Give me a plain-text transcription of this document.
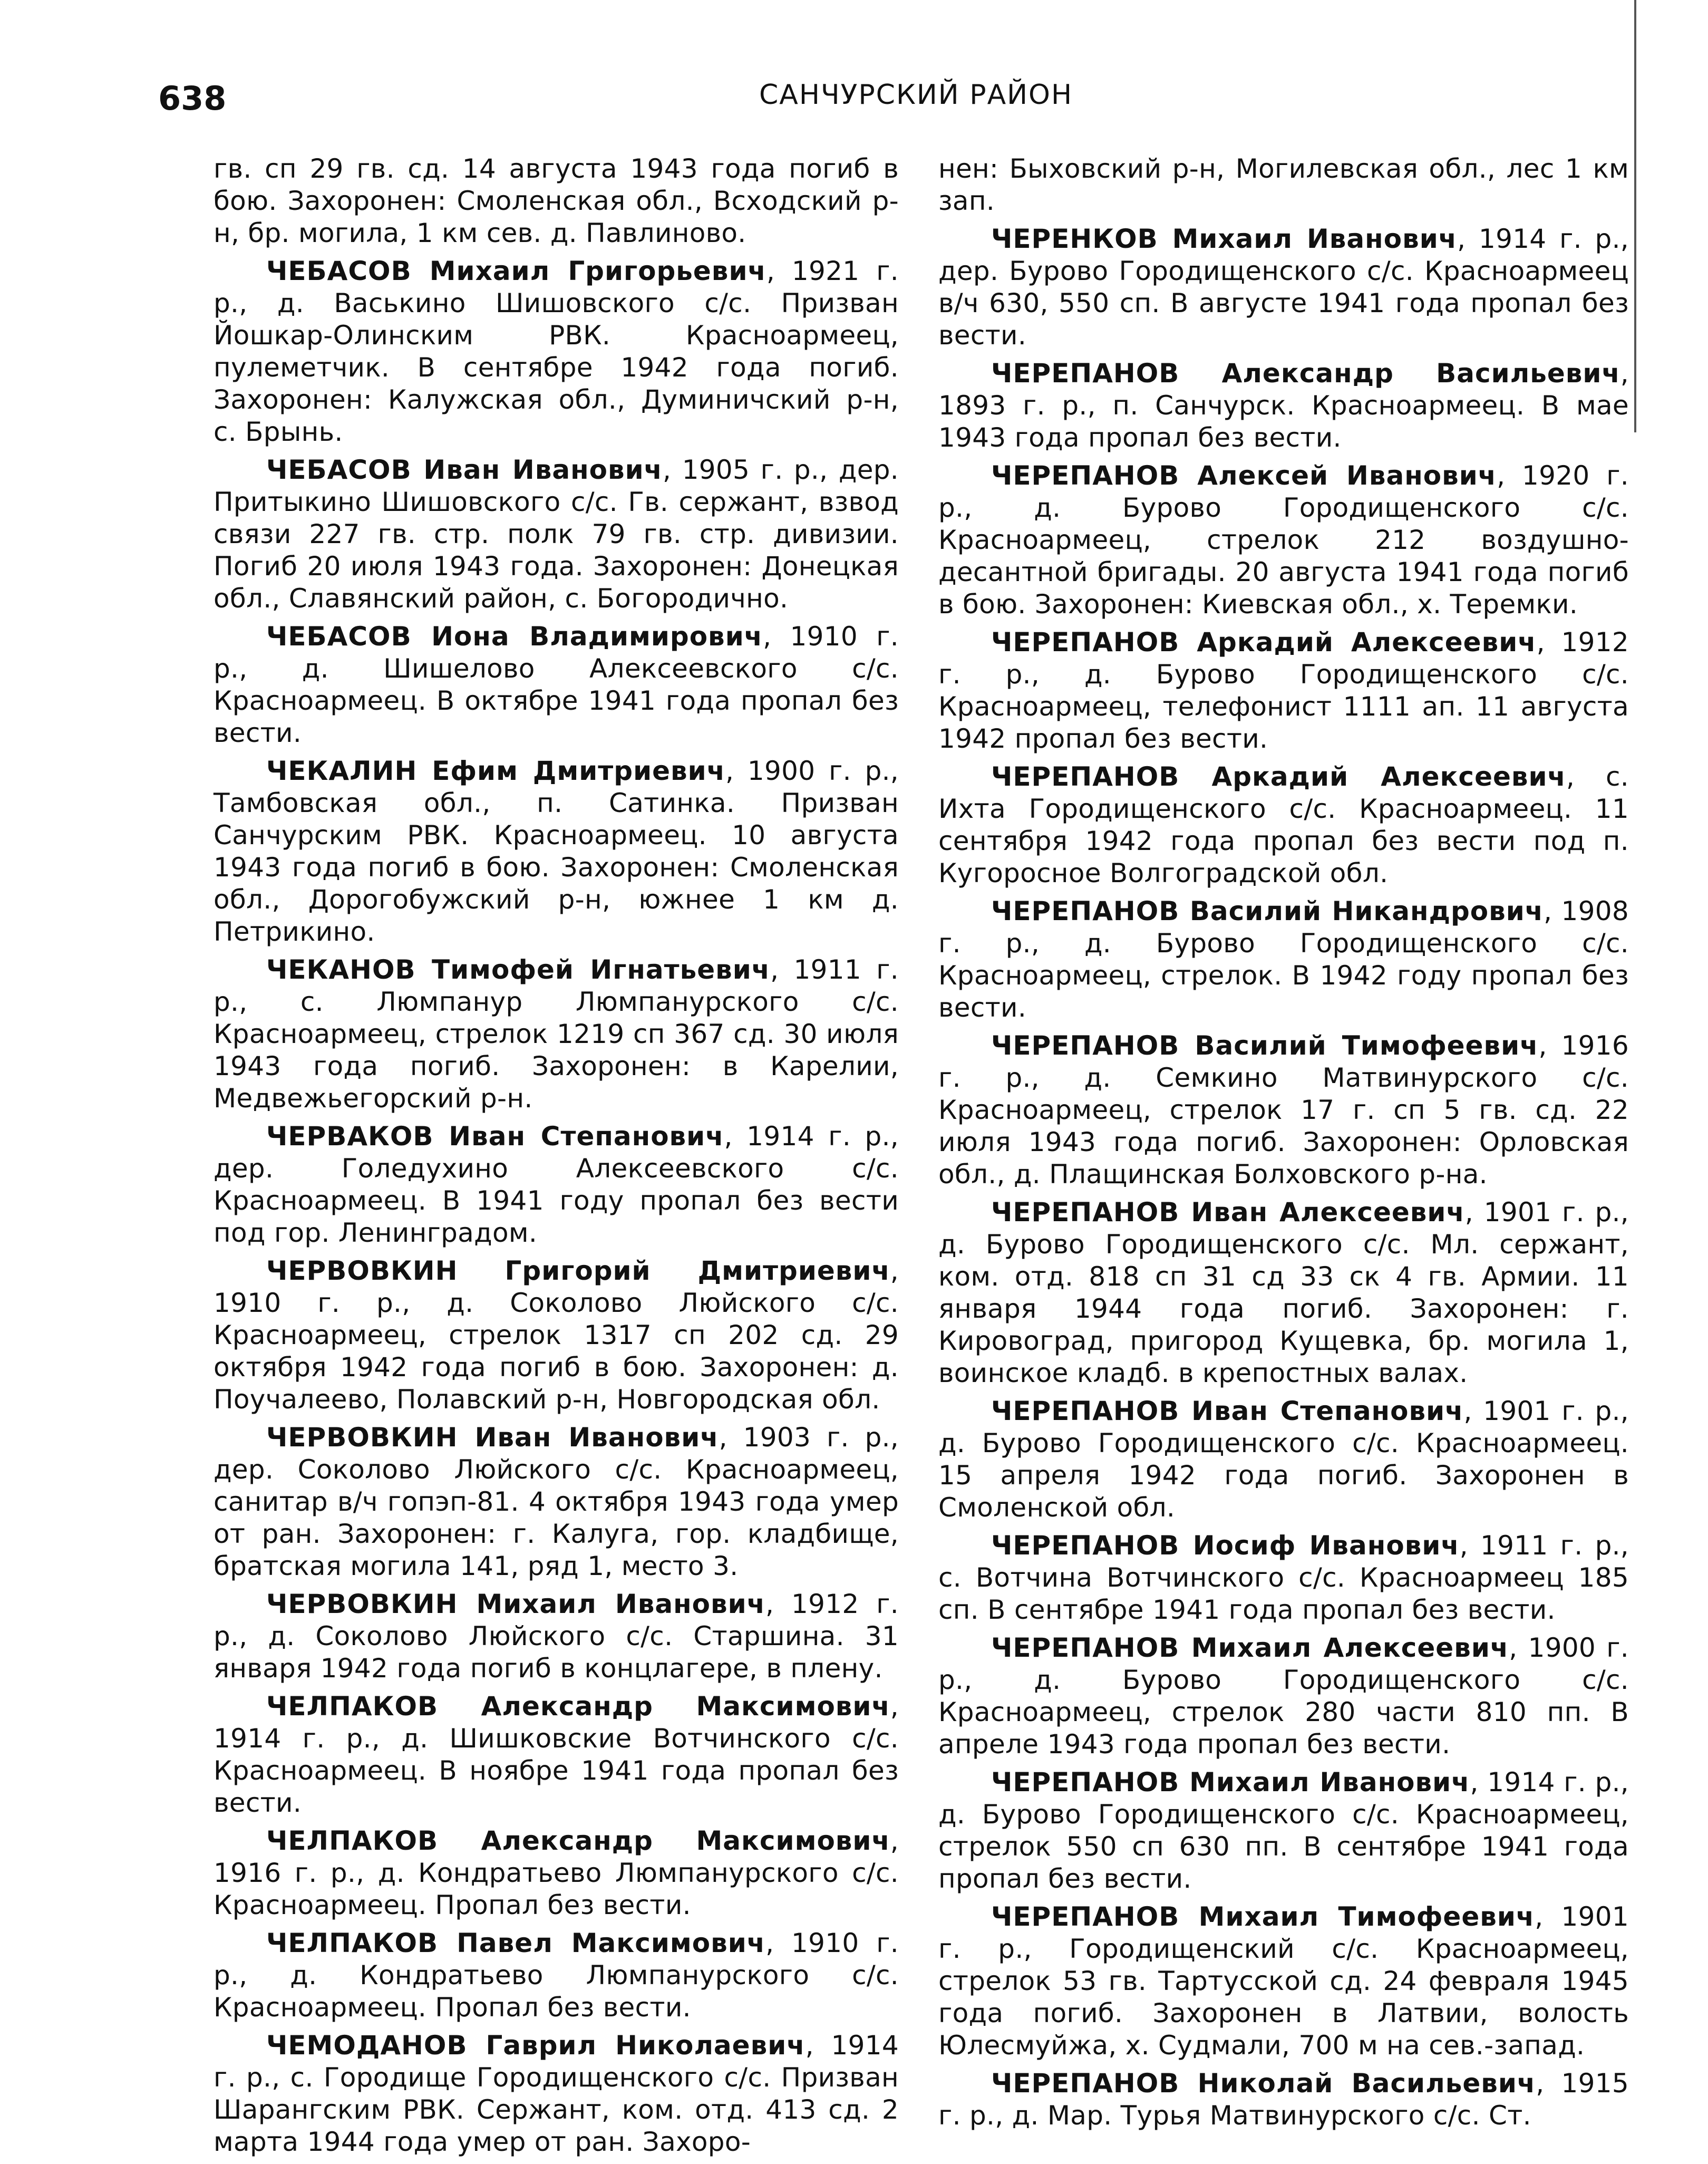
638	САНЧУРСКИЙ РАЙОН

гв. сп 29 гв. сд. 14 августа 1943 года погиб в бою. Захоронен: Смоленская обл., Всходский р-н, бр. могила, 1 км сев. д. Павлиново.

ЧЕБАСОВ Михаил Григорьевич, 1921 г. р., д. Васькино Шишовского с/с. Призван Йошкар-Олинским РВК. Красноармеец, пулеметчик. В сентябре 1942 года погиб. Захоронен: Калужская обл., Думиничский р-н, с. Брынь.

ЧЕБАСОВ Иван Иванович, 1905 г. р., дер. Притыкино Шишовского с/с. Гв. сержант, взвод связи 227 гв. стр. полк 79 гв. стр. дивизии. Погиб 20 июля 1943 года. Захоронен: Донецкая обл., Славянский район, с. Богородично.

ЧЕБАСОВ Иона Владимирович, 1910 г. р., д. Шишелово Алексеевского с/с. Красноармеец. В октябре 1941 года пропал без вести.

ЧЕКАЛИН Ефим Дмитриевич, 1900 г. р., Тамбовская обл., п. Сатинка. Призван Санчурским РВК. Красноармеец. 10 августа 1943 года погиб в бою. Захоронен: Смоленская обл., Дорогобужский р-н, южнее 1 км д. Петрикино.

ЧЕКАНОВ Тимофей Игнатьевич, 1911 г. р., с. Люмпанур Люмпанурского с/с. Красноармеец, стрелок 1219 сп 367 сд. 30 июля 1943 года погиб. Захоронен: в Карелии, Медвежьегорский р-н.

ЧЕРВАКОВ Иван Степанович, 1914 г. р., дер. Голедухино Алексеевского с/с. Красноармеец. В 1941 году пропал без вести под гор. Ленинградом.

ЧЕРВОВКИН Григорий Дмитриевич, 1910 г. р., д. Соколово Люйского с/с. Красноармеец, стрелок 1317 сп 202 сд. 29 октября 1942 года погиб в бою. Захоронен: д. Поучалеево, Полавский р-н, Новгородская обл.

ЧЕРВОВКИН Иван Иванович, 1903 г. р., дер. Соколово Люйского с/с. Красноармеец, санитар в/ч гопэп-81. 4 октября 1943 года умер от ран. Захоронен: г. Калуга, гор. кладбище, братская могила 141, ряд 1, место 3.

ЧЕРВОВКИН Михаил Иванович, 1912 г. р., д. Соколово Люйского с/с. Старшина. 31 января 1942 года погиб в концлагере, в плену.

ЧЕЛПАКОВ Александр Максимович, 1914 г. р., д. Шишковские Вотчинского с/с. Красноармеец. В ноябре 1941 года пропал без вести.

ЧЕЛПАКОВ Александр Максимович, 1916 г. р., д. Кондратьево Люмпанурского с/с. Красноармеец. Пропал без вести.

ЧЕЛПАКОВ Павел Максимович, 1910 г. р., д. Кондратьево Люмпанурского с/с. Красноармеец. Пропал без вести.

ЧЕМОДАНОВ Гаврил Николаевич, 1914 г. р., с. Городище Городищенского с/с. Призван Шарангским РВК. Сержант, ком. отд. 413 сд. 2 марта 1944 года умер от ран. Захоро-

нен: Быховский р-н, Могилевская обл., лес 1 км зап.

ЧЕРЕНКОВ Михаил Иванович, 1914 г. р., дер. Бурово Городищенского с/с. Красноармеец в/ч 630, 550 сп. В августе 1941 года пропал без вести.

ЧЕРЕПАНОВ Александр Васильевич, 1893 г. р., п. Санчурск. Красноармеец. В мае 1943 года пропал без вести.

ЧЕРЕПАНОВ Алексей Иванович, 1920 г. р., д. Бурово Городищенского с/с. Красноармеец, стрелок 212 воздушно-десантной бригады. 20 августа 1941 года погиб в бою. Захоронен: Киевская обл., х. Теремки.

ЧЕРЕПАНОВ Аркадий Алексеевич, 1912 г. р., д. Бурово Городищенского с/с. Красноармеец, телефонист 1111 ап. 11 августа 1942 пропал без вести.

ЧЕРЕПАНОВ Аркадий Алексеевич, с. Ихта Городищенского с/с. Красноармеец. 11 сентября 1942 года пропал без вести под п. Кугоросное Волгоградской обл.

ЧЕРЕПАНОВ Василий Никандрович, 1908 г. р., д. Бурово Городищенского с/с. Красноармеец, стрелок. В 1942 году пропал без вести.

ЧЕРЕПАНОВ Василий Тимофеевич, 1916 г. р., д. Семкино Матвинурского с/с. Красноармеец, стрелок 17 г. сп 5 гв. сд. 22 июля 1943 года погиб. Захоронен: Орловская обл., д. Плащинская Болховского р-на.

ЧЕРЕПАНОВ Иван Алексеевич, 1901 г. р., д. Бурово Городищенского с/с. Мл. сержант, ком. отд. 818 сп 31 сд 33 ск 4 гв. Армии. 11 января 1944 года погиб. Захоронен: г. Кировоград, пригород Кущевка, бр. могила 1, воинское кладб. в крепостных валах.

ЧЕРЕПАНОВ Иван Степанович, 1901 г. р., д. Бурово Городищенского с/с. Красноармеец. 15 апреля 1942 года погиб. Захоронен в Смоленской обл.

ЧЕРЕПАНОВ Иосиф Иванович, 1911 г. р., с. Вотчина Вотчинского с/с. Красноармеец 185 сп. В сентябре 1941 года пропал без вести.

ЧЕРЕПАНОВ Михаил Алексеевич, 1900 г. р., д. Бурово Городищенского с/с. Красноармеец, стрелок 280 части 810 пп. В апреле 1943 года пропал без вести.

ЧЕРЕПАНОВ Михаил Иванович, 1914 г. р., д. Бурово Городищенского с/с. Красноармеец, стрелок 550 сп 630 пп. В сентябре 1941 года пропал без вести.

ЧЕРЕПАНОВ Михаил Тимофеевич, 1901 г. р., Городищенский с/с. Красноармеец, стрелок 53 гв. Тартусской сд. 24 февраля 1945 года погиб. Захоронен в Латвии, волость Юлесмуйжа, х. Судмали, 700 м на сев.-запад.

ЧЕРЕПАНОВ Николай Васильевич, 1915 г. р., д. Мар. Турья Матвинурского с/с. Ст.
